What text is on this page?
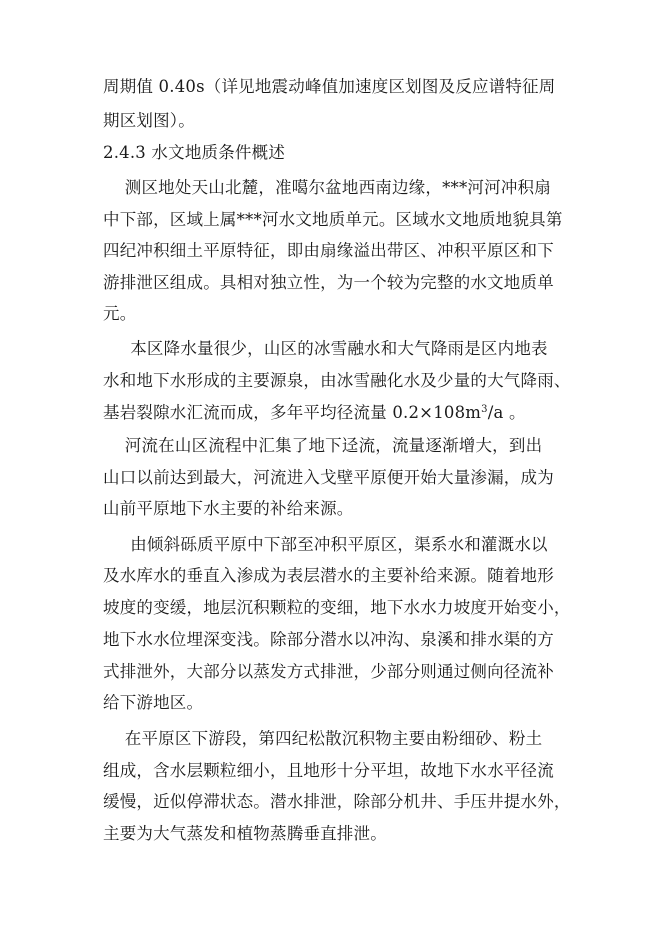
周期值 0.40s（详见地震动峰值加速度区划图及反应谱特征周
期区划图）。
2.4.3 水文地质条件概述
测区地处天山北麓，准噶尔盆地西南边缘，***河河冲积扇
中下部，区域上属***河水文地质单元。区域水文地质地貌具第
四纪冲积细土平原特征，即由扇缘溢出带区、冲积平原区和下
游排泄区组成。具相对独立性，为一个较为完整的水文地质单
元。
本区降水量很少，山区的冰雪融水和大气降雨是区内地表
水和地下水形成的主要源泉，由冰雪融化水及少量的大气降雨、
基岩裂隙水汇流而成，多年平均径流量 $0.2\times 108m^3/a$ 。
河流在山区流程中汇集了地下迳流，流量逐渐增大，到出
山口以前达到最大，河流进入戈壁平原便开始大量渗漏，成为
山前平原地下水主要的补给来源。
由倾斜砾质平原中下部至冲积平原区，渠系水和灌溉水以
及水库水的垂直入渗成为表层潜水的主要补给来源。随着地形
坡度的变缓，地层沉积颗粒的变细，地下水水力坡度开始变小，
地下水水位埋深变浅。除部分潜水以冲沟、泉溪和排水渠的方
式排泄外，大部分以蒸发方式排泄，少部分则通过侧向径流补
给下游地区。
在平原区下游段，第四纪松散沉积物主要由粉细砂、粉土
组成，含水层颗粒细小，且地形十分平坦，故地下水水平径流
缓慢，近似停滞状态。潜水排泄，除部分机井、手压井提水外，
主要为大气蒸发和植物蒸腾垂直排泄。
